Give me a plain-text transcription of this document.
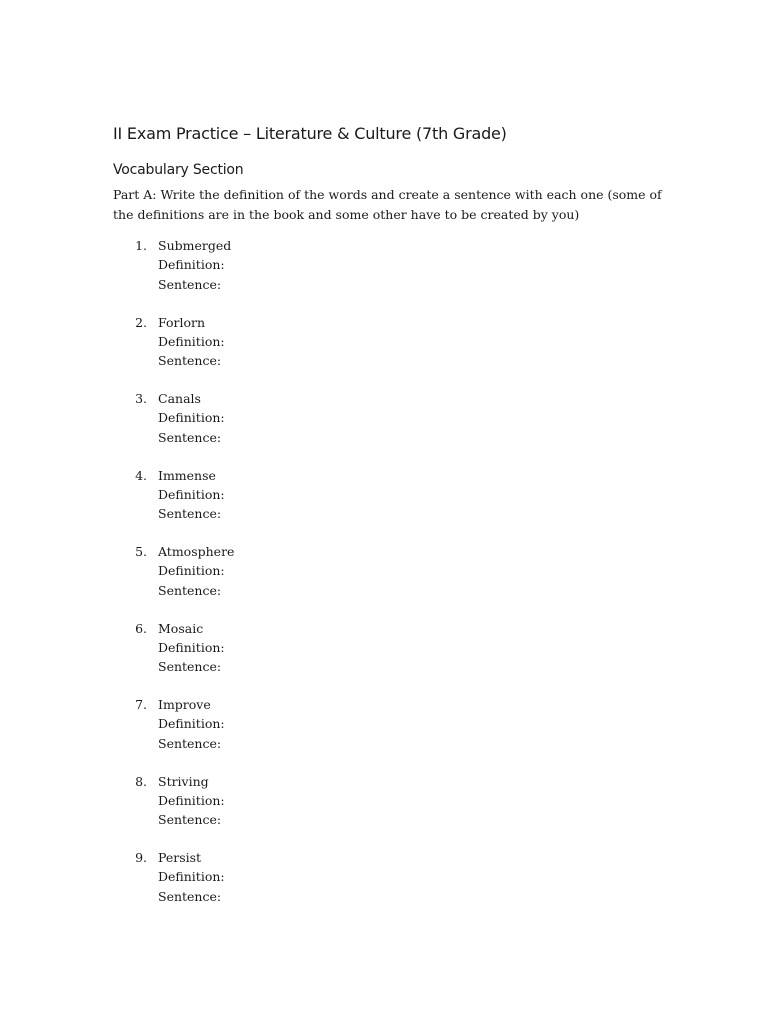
II Exam Practice – Literature & Culture (7th Grade)
Vocabulary Section

Part A: Write the definition of the words and create a sentence with each one (some of the definitions are in the book and some other have to be created by you)

1. Submerged
Definition:
Sentence:
2. Forlorn
Definition:
Sentence:
3. Canals
Definition:
Sentence:
4. Immense
Definition:
Sentence:
5. Atmosphere
Definition:
Sentence:
6. Mosaic
Definition:
Sentence:
7. Improve
Definition:
Sentence:
8. Striving
Definition:
Sentence:
9. Persist
Definition:
Sentence:
